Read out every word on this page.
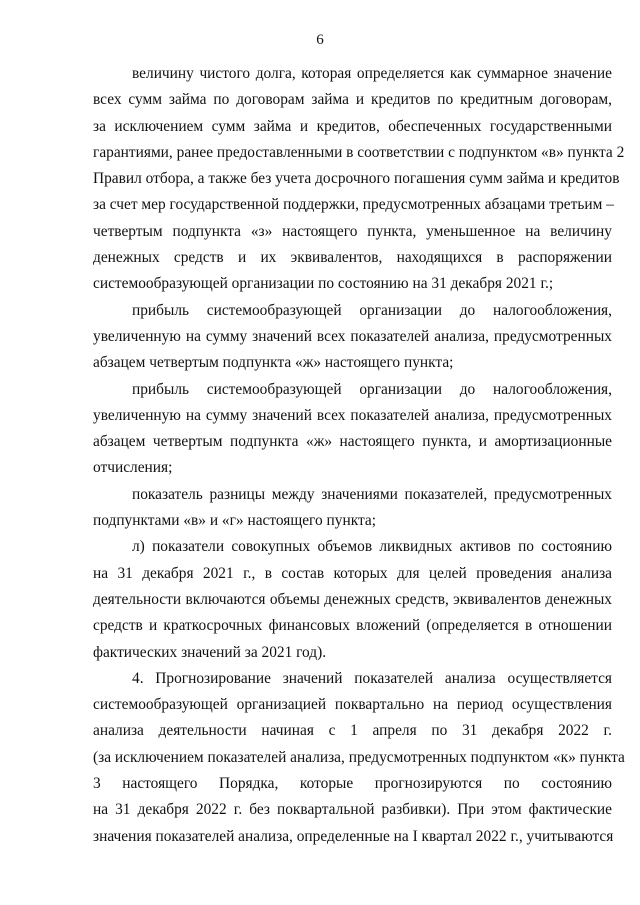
6
величину чистого долга, которая определяется как суммарное значение
всех сумм займа по договорам займа и кредитов по кредитным договорам,
за исключением сумм займа и кредитов, обеспеченных государственными
гарантиями, ранее предоставленными в соответствии с подпунктом «в» пункта 2
Правил отбора, а также без учета досрочного погашения сумм займа и кредитов
за счет мер государственной поддержки, предусмотренных абзацами третьим –
четвертым подпункта «з» настоящего пункта, уменьшенное на величину
денежных средств и их эквивалентов, находящихся в распоряжении
системообразующей организации по состоянию на 31 декабря 2021 г.;
прибыль системообразующей организации до налогообложения,
увеличенную на сумму значений всех показателей анализа, предусмотренных
абзацем четвертым подпункта «ж» настоящего пункта;
прибыль системообразующей организации до налогообложения,
увеличенную на сумму значений всех показателей анализа, предусмотренных
абзацем четвертым подпункта «ж» настоящего пункта, и амортизационные
отчисления;
показатель разницы между значениями показателей, предусмотренных
подпунктами «в» и «г» настоящего пункта;
л) показатели совокупных объемов ликвидных активов по состоянию
на 31 декабря 2021 г., в состав которых для целей проведения анализа
деятельности включаются объемы денежных средств, эквивалентов денежных
средств и краткосрочных финансовых вложений (определяется в отношении
фактических значений за 2021 год).
4. Прогнозирование значений показателей анализа осуществляется
системообразующей организацией поквартально на период осуществления
анализа деятельности начиная с 1 апреля по 31 декабря 2022 г.
(за исключением показателей анализа, предусмотренных подпунктом «к» пункта
3 настоящего Порядка, которые прогнозируются по состоянию
на 31 декабря 2022 г. без поквартальной разбивки). При этом фактические
значения показателей анализа, определенные на I квартал 2022 г., учитываются
